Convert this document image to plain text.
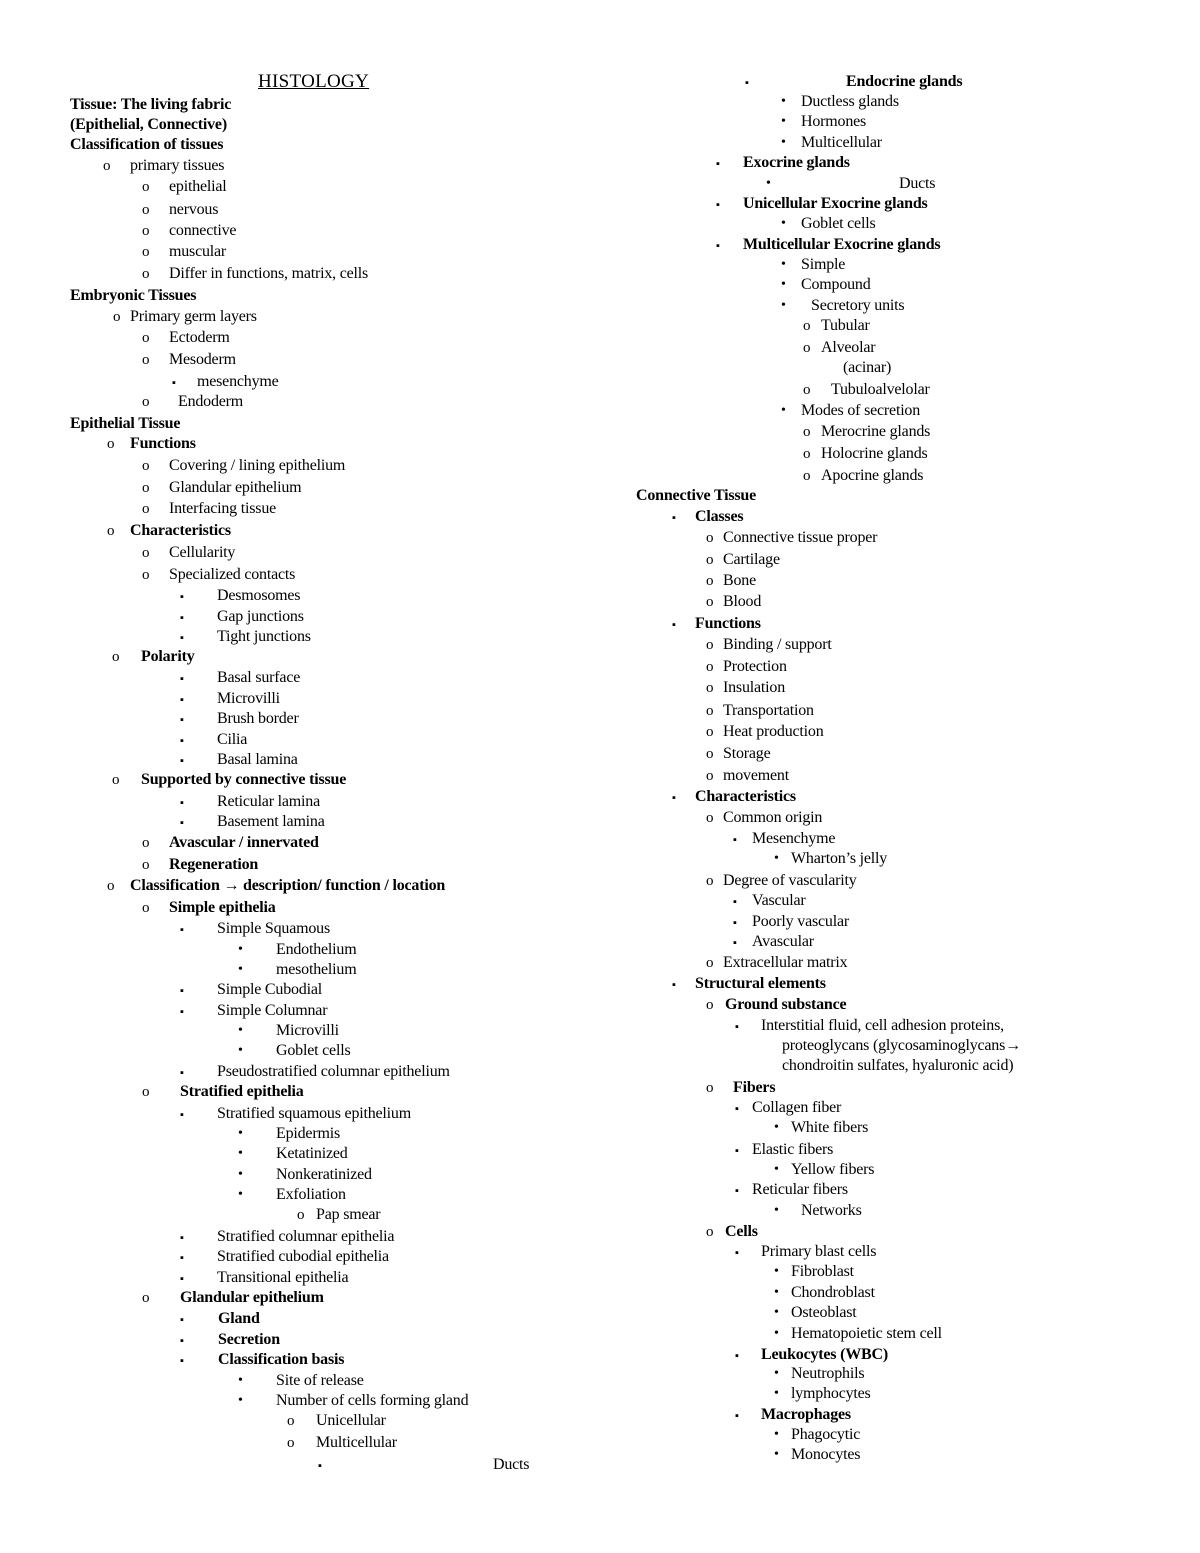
HISTOLOGY
Tissue: The living fabric
(Epithelial, Connective)
Classification of tissues
o primary tissues
o epithelial
o nervous
o connective
o muscular
o Differ in functions, matrix, cells
Embryonic Tissues
o Primary germ layers
o Ectoderm
o Mesoderm
▪ mesenchyme
o Endoderm
Epithelial Tissue
o Functions
o Covering / lining epithelium
o Glandular epithelium
o Interfacing tissue
o Characteristics
o Cellularity
o Specialized contacts
▪ Desmosomes
▪ Gap junctions
▪ Tight junctions
o Polarity
▪ Basal surface
▪ Microvilli
▪ Brush border
▪ Cilia
▪ Basal lamina
o Supported by connective tissue
▪ Reticular lamina
▪ Basement lamina
o Avascular / innervated
o Regeneration
o Classification → description/ function / location
o Simple epithelia
▪ Simple Squamous
• Endothelium
• mesothelium
▪ Simple Cubodial
▪ Simple Columnar
• Microvilli
• Goblet cells
▪ Pseudostratified columnar epithelium
o Stratified epithelia
▪ Stratified squamous epithelium
• Epidermis
• Ketatinized
• Nonkeratinized
• Exfoliation
o Pap smear
▪ Stratified columnar epithelia
▪ Stratified cubodial epithelia
▪ Transitional epithelia
o Glandular epithelium
▪ Gland
▪ Secretion
▪ Classification basis
• Site of release
• Number of cells forming gland
o Unicellular
o Multicellular
▪	Ducts
▪	Endocrine glands
• Ductless glands
• Hormones
• Multicellular
▪ Exocrine glands
•	Ducts
▪ Unicellular Exocrine glands
• Goblet cells
▪ Multicellular Exocrine glands
• Simple
• Compound
• Secretory units
o Tubular
o Alveolar
(acinar)
o Tubuloalvelolar
• Modes of secretion
o Merocrine glands
o Holocrine glands
o Apocrine glands
Connective Tissue
▪ Classes
o Connective tissue proper
o Cartilage
o Bone
o Blood
▪ Functions
o Binding / support
o Protection
o Insulation
o Transportation
o Heat production
o Storage
o movement
▪ Characteristics
o Common origin
▪ Mesenchyme
• Wharton’s jelly
o Degree of vascularity
▪ Vascular
▪ Poorly vascular
▪ Avascular
o Extracellular matrix
▪ Structural elements
o Ground substance
▪ Interstitial fluid, cell adhesion proteins,
proteoglycans (glycosaminoglycans→
chondroitin sulfates, hyaluronic acid)
o Fibers
▪ Collagen fiber
• White fibers
▪ Elastic fibers
• Yellow fibers
▪ Reticular fibers
• Networks
o Cells
▪ Primary blast cells
• Fibroblast
• Chondroblast
• Osteoblast
• Hematopoietic stem cell
▪ Leukocytes (WBC)
• Neutrophils
• lymphocytes
▪ Macrophages
• Phagocytic
• Monocytes
